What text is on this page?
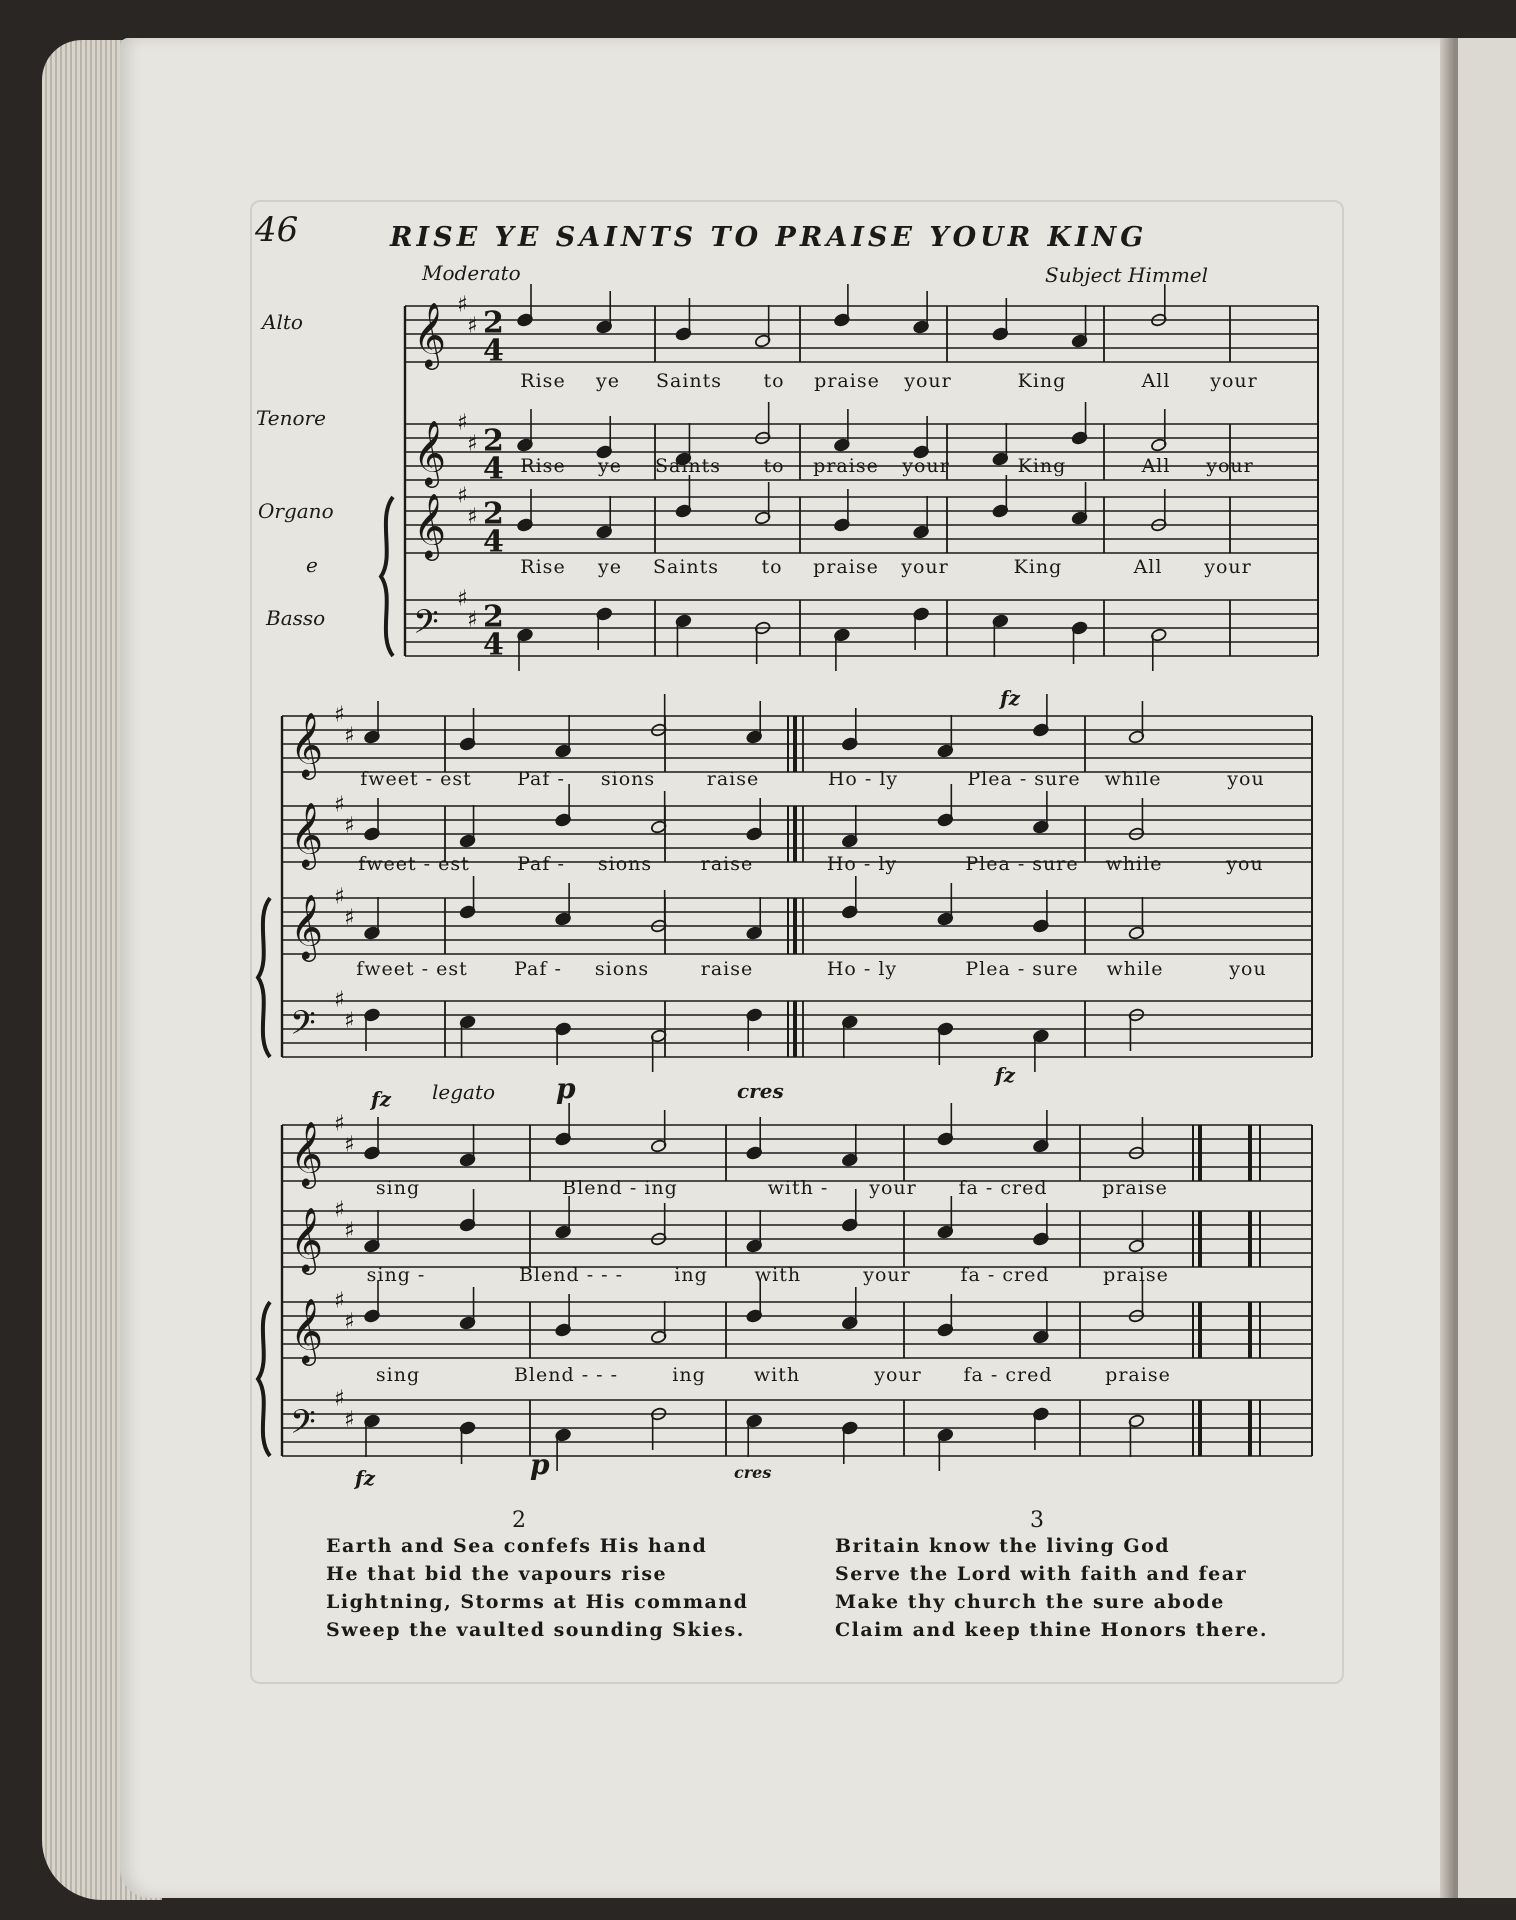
𝄞 ♯
♯ 2
4
𝄞 ♯
♯ 2
4
𝄞 ♯
♯ 2
4
𝄢
♯
♯ 2
4
𝄞 ♯
♯
𝄞 ♯
♯
𝄞 ♯
♯
𝄢
♯
♯
𝄞 ♯
♯
𝄞 ♯
♯
𝄞 ♯
♯
𝄢
♯
♯
46	RISE YE SAINTS TO PRAISE YOUR KING
Moderato	Subject Himmel
Alto
Tenore
Organo
e
Basso
fz
fz
fz legato p	cres
fz	p	cres
Rise ye Saints to praise your	King	All your
Rise ye Saints to praise your	King	All your
Rise ye Saints to praise your	King	All your
fweet - est Paf - sions	raise	Ho - ly	Plea - sure while	you
fweet - est Paf - sions	raise	Ho - ly	Plea - sure while	you
fweet - est Paf - sions	raise	Ho - ly	Plea - sure while	you
sing	Blend - ing	with - your fa - cred	praise
sing -	Blend - - -	ing with	your	fa - cred	praise
sing	Blend - - -	ing	with	your fa - cred	praise
2
Earth and Sea confefs His hand
He that bid the vapours rise
Lightning, Storms at His command
Sweep the vaulted sounding Skies.
3
Britain know the living God
Serve the Lord with faith and fear
Make thy church the sure abode
Claim and keep thine Honors there.
